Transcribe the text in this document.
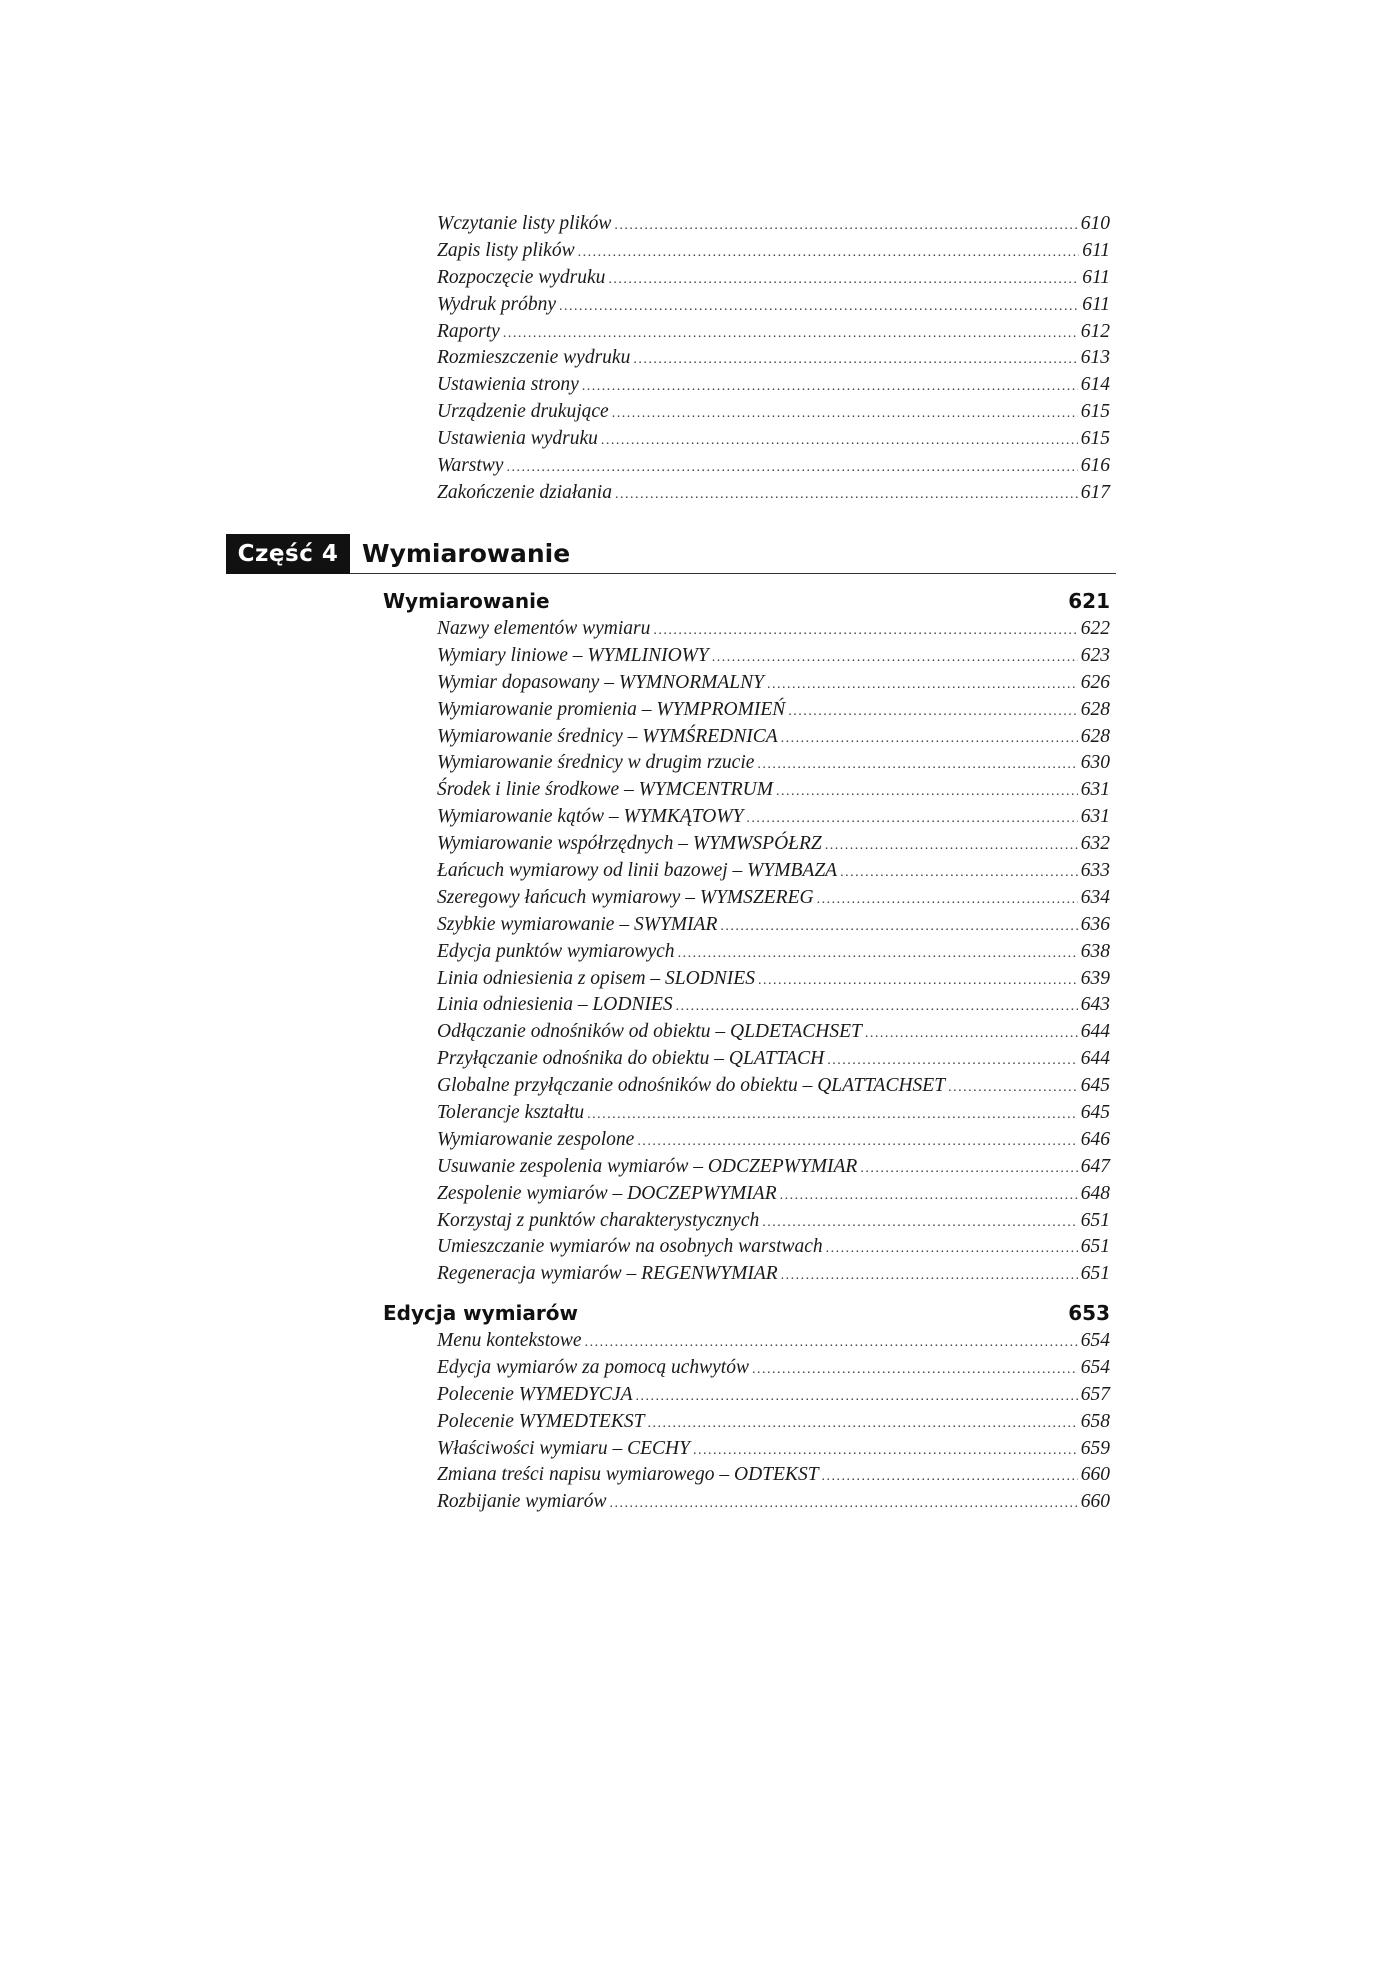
Wczytanie listy plików .....	610
Zapis listy plików .....	611
Rozpoczęcie wydruku .....	611
Wydruk próbny .....	611
Raporty .....	612
Rozmieszczenie wydruku .....	613
Ustawienia strony .....	614
Urządzenie drukujące .....	615
Ustawienia wydruku .....	615
Warstwy .....	616
Zakończenie działania .....	617
Część 4 Wymiarowanie
Wymiarowanie	621
Nazwy elementów wymiaru .....	622
Wymiary liniowe – WYMLINIOWY .....	623
Wymiar dopasowany – WYMNORMALNY .....	626
Wymiarowanie promienia – WYMPROMIEŃ .....	628
Wymiarowanie średnicy – WYMŚREDNICA .....	628
Wymiarowanie średnicy w drugim rzucie .....	630
Środek i linie środkowe – WYMCENTRUM .....	631
Wymiarowanie kątów – WYMKĄTOWY .....	631
Wymiarowanie współrzędnych – WYMWSPÓŁRZ .....	632
Łańcuch wymiarowy od linii bazowej – WYMBAZA .....	633
Szeregowy łańcuch wymiarowy – WYMSZEREG .....	634
Szybkie wymiarowanie – SWYMIAR .....	636
Edycja punktów wymiarowych .....	638
Linia odniesienia z opisem – SLODNIES .....	639
Linia odniesienia – LODNIES .....	643
Odłączanie odnośników od obiektu – QLDETACHSET .....	644
Przyłączanie odnośnika do obiektu – QLATTACH .....	644
Globalne przyłączanie odnośników do obiektu – QLATTACHSET .....	645
Tolerancje kształtu .....	645
Wymiarowanie zespolone .....	646
Usuwanie zespolenia wymiarów – ODCZEPWYMIAR .....	647
Zespolenie wymiarów – DOCZEPWYMIAR .....	648
Korzystaj z punktów charakterystycznych .....	651
Umieszczanie wymiarów na osobnych warstwach .....	651
Regeneracja wymiarów – REGENWYMIAR .....	651
Edycja wymiarów	653
Menu kontekstowe .....	654
Edycja wymiarów za pomocą uchwytów .....	654
Polecenie WYMEDYCJA .....	657
Polecenie WYMEDTEKST .....	658
Właściwości wymiaru – CECHY .....	659
Zmiana treści napisu wymiarowego – ODTEKST .....	660
Rozbijanie wymiarów .....	660
